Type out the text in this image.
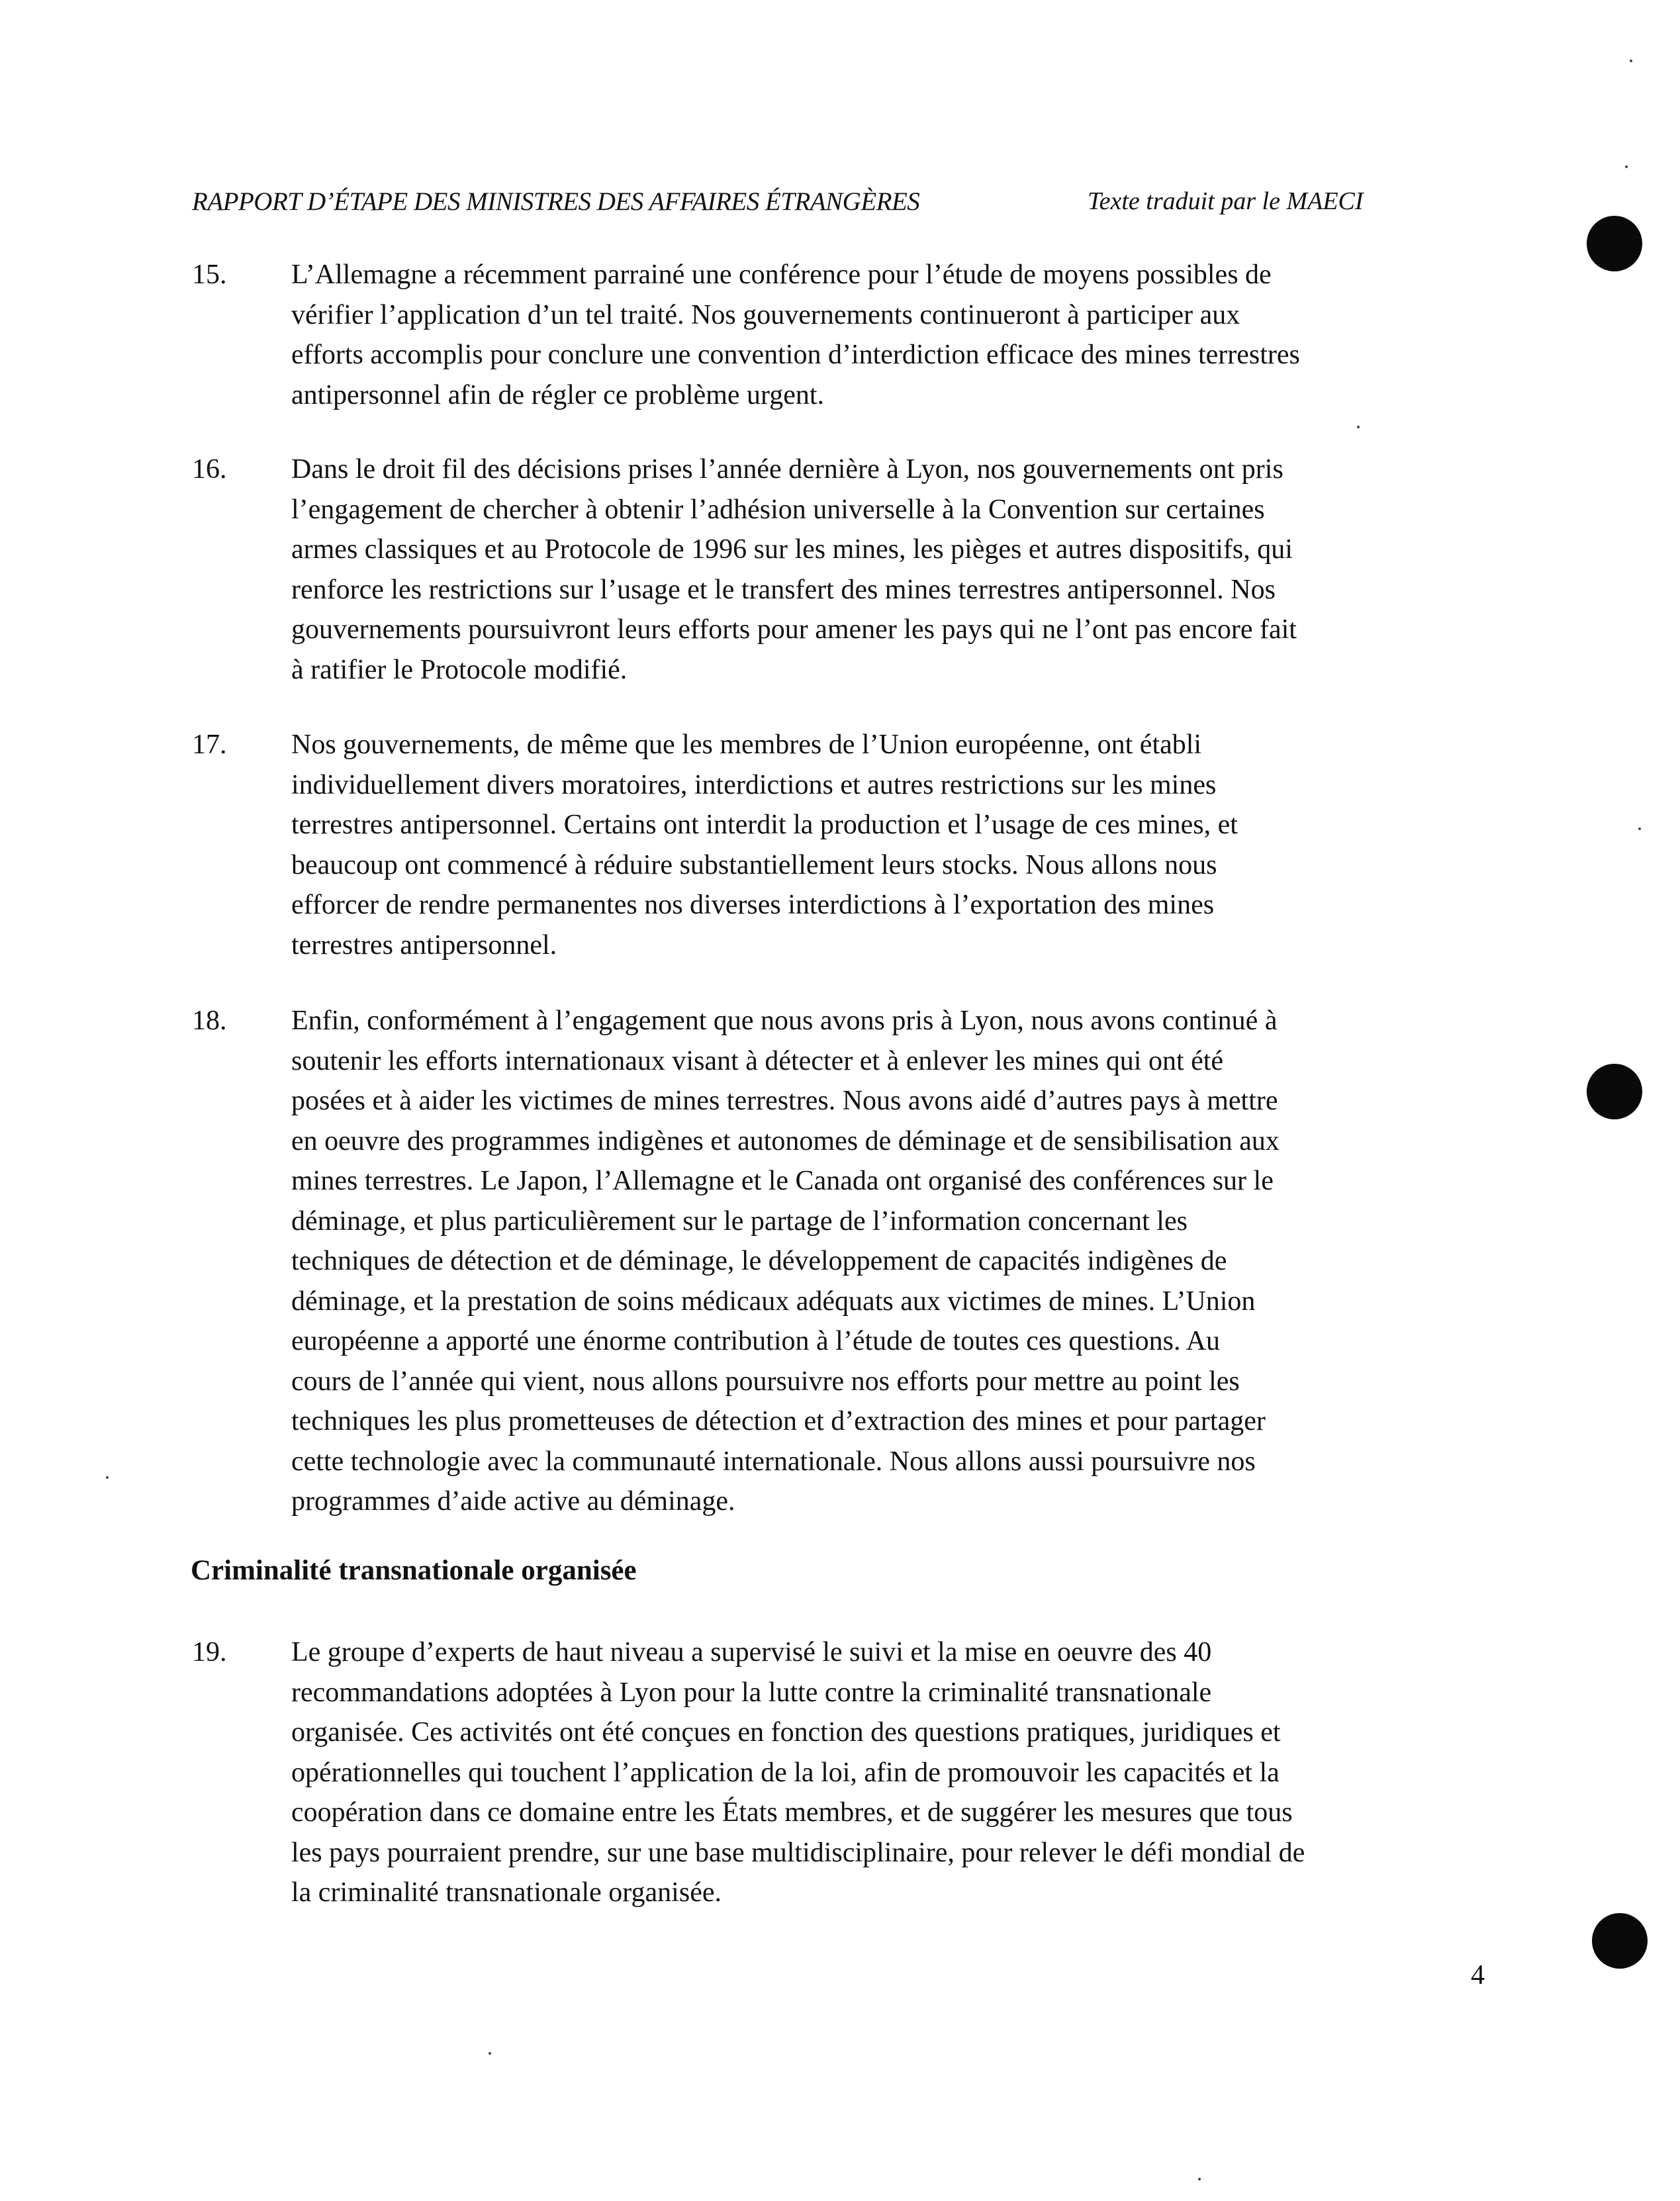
RAPPORT D’ÉTAPE DES MINISTRES DES AFFAIRES ÉTRANGÈRES	Texte traduit par le MAECI
15. L’Allemagne a récemment parrainé une conférence pour l’étude de moyens possibles de
vérifier l’application d’un tel traité. Nos gouvernements continueront à participer aux
efforts accomplis pour conclure une convention d’interdiction efficace des mines terrestres
antipersonnel afin de régler ce problème urgent.

16. Dans le droit fil des décisions prises l’année dernière à Lyon, nos gouvernements ont pris
l’engagement de chercher à obtenir l’adhésion universelle à la Convention sur certaines
armes classiques et au Protocole de 1996 sur les mines, les pièges et autres dispositifs, qui
renforce les restrictions sur l’usage et le transfert des mines terrestres antipersonnel. Nos
gouvernements poursuivront leurs efforts pour amener les pays qui ne l’ont pas encore fait
à ratifier le Protocole modifié.

17. Nos gouvernements, de même que les membres de l’Union européenne, ont établi
individuellement divers moratoires, interdictions et autres restrictions sur les mines
terrestres antipersonnel. Certains ont interdit la production et l’usage de ces mines, et
beaucoup ont commencé à réduire substantiellement leurs stocks. Nous allons nous
efforcer de rendre permanentes nos diverses interdictions à l’exportation des mines
terrestres antipersonnel.

18. Enfin, conformément à l’engagement que nous avons pris à Lyon, nous avons continué à
soutenir les efforts internationaux visant à détecter et à enlever les mines qui ont été
posées et à aider les victimes de mines terrestres. Nous avons aidé d’autres pays à mettre
en oeuvre des programmes indigènes et autonomes de déminage et de sensibilisation aux
mines terrestres. Le Japon, l’Allemagne et le Canada ont organisé des conférences sur le
déminage, et plus particulièrement sur le partage de l’information concernant les
techniques de détection et de déminage, le développement de capacités indigènes de
déminage, et la prestation de soins médicaux adéquats aux victimes de mines. L’Union
européenne a apporté une énorme contribution à l’étude de toutes ces questions. Au
cours de l’année qui vient, nous allons poursuivre nos efforts pour mettre au point les
techniques les plus prometteuses de détection et d’extraction des mines et pour partager
cette technologie avec la communauté internationale. Nous allons aussi poursuivre nos
programmes d’aide active au déminage.

Criminalité transnationale organisée
19. Le groupe d’experts de haut niveau a supervisé le suivi et la mise en oeuvre des 40
recommandations adoptées à Lyon pour la lutte contre la criminalité transnationale
organisée. Ces activités ont été conçues en fonction des questions pratiques, juridiques et
opérationnelles qui touchent l’application de la loi, afin de promouvoir les capacités et la
coopération dans ce domaine entre les États membres, et de suggérer les mesures que tous
les pays pourraient prendre, sur une base multidisciplinaire, pour relever le défi mondial de
la criminalité transnationale organisée.

4
